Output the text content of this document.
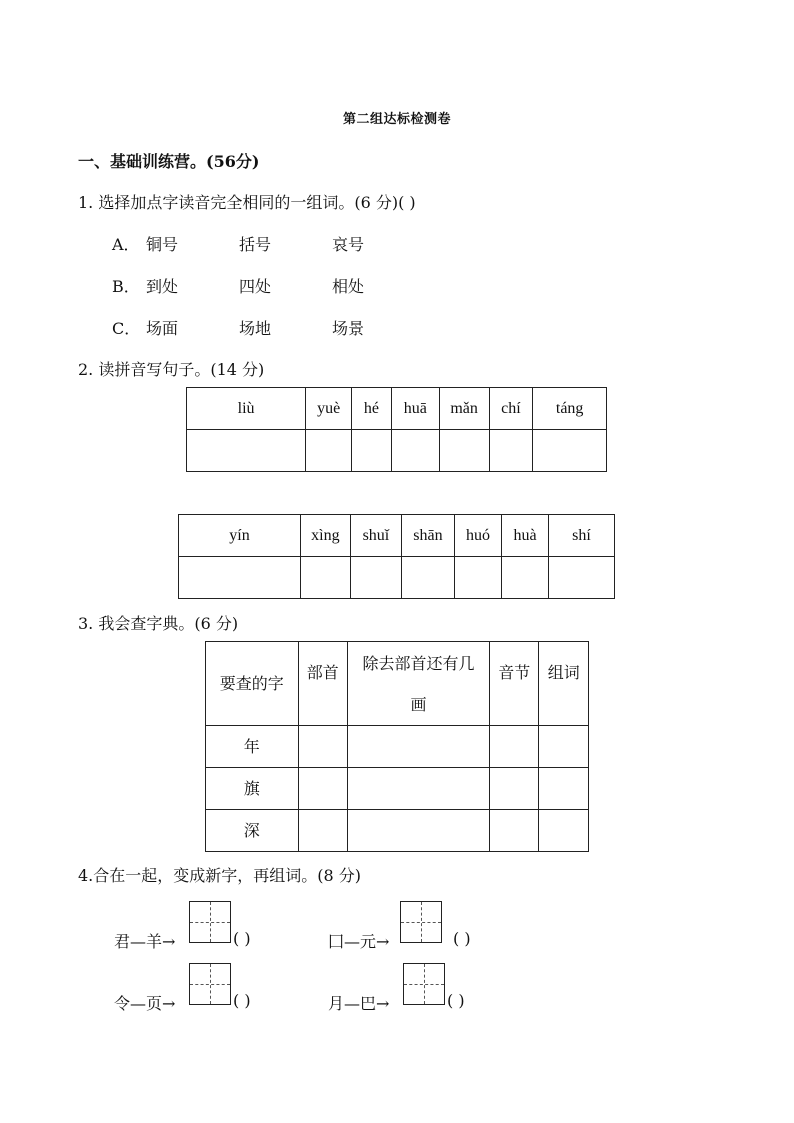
第二组达标检测卷
一、基础训练营。(56分)
1. 选择加点字读音完全相同的一组词。(6 分)( )
A． 铜号	括号	哀号
B． 到处	四处	相处
C． 场面	场地	场景
2. 读拼音写句子。(14 分)
liù	yuè	hé	huā	mǎn	chí	táng

yín	xìng	shuǐ	shān	huó	huà	shí

3. 我会查字典。(6 分)
要查的字	部首	除去部首还有几画	音节	组词
年				
旗				
深				
4.合在一起，变成新字，再组词。(8 分)
君—羊→	( )	囗—元→	( )
令—页→	( )	月—巴→	( )
